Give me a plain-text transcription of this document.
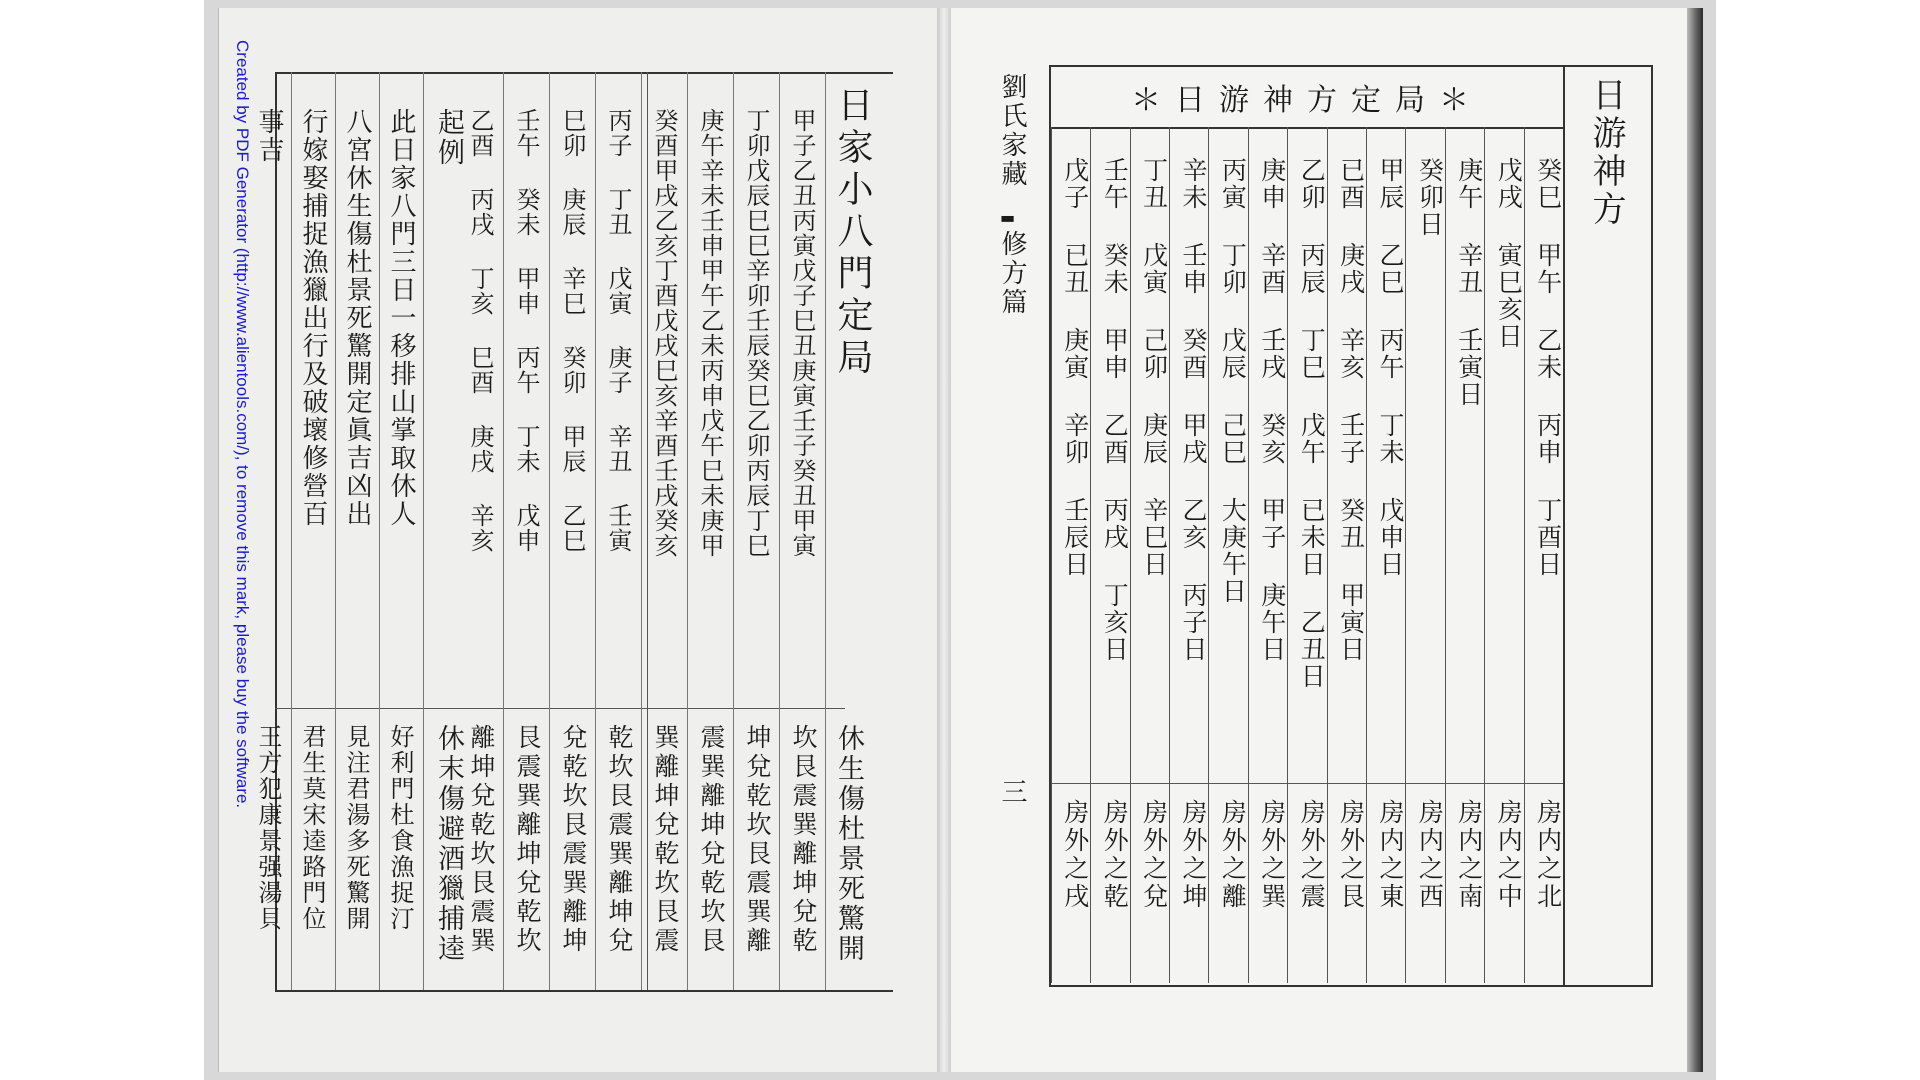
＊日游神方定局＊	日游神方
癸巳 甲午 乙未 丙申 丁酉日
房内之北
戊戌 寅巳亥日
房内之中
庚午 辛丑 壬寅日
房内之南
癸卯日
房内之西
甲辰 乙巳 丙午 丁未 戊申日
房内之東
已酉 庚戌 辛亥 壬子 癸丑 甲寅日
房外之艮
乙卯 丙辰 丁巳 戊午 已未日 乙丑日
房外之震
庚申 辛酉 壬戌 癸亥 甲子 庚午日
房外之巽
丙寅 丁卯 戊辰 己巳 大庚午日
房外之離
辛未 壬申 癸酉 甲戌 乙亥 丙子日
房外之坤
丁丑 戊寅 己卯 庚辰 辛巳日
房外之兌
壬午 癸未 甲申 乙酉 丙戌 丁亥日
房外之乾
戊子 已丑 庚寅 辛卯 壬辰日
房外之戌
劉氏家藏
▬
修方篇
三
日家小八門定局
休生傷杜景死驚開
甲子乙丑丙寅戊子巳丑庚寅壬子癸丑甲寅
坎艮震巽離坤兌乾
丁卯戊辰巳巳辛卯壬辰癸巳乙卯丙辰丁巳
坤兌乾坎艮震巽離
庚午辛未壬申甲午乙未丙申戊午巳未庚甲
震巽離坤兌乾坎艮
癸酉甲戌乙亥丁酉戊戌巳亥辛酉壬戌癸亥
巽離坤兌乾坎艮震
丙子 丁丑 戊寅 庚子 辛丑 壬寅
乾坎艮震巽離坤兌
巳卯 庚辰 辛巳 癸卯 甲辰 乙巳
兌乾坎艮震巽離坤
壬午 癸未 甲申 丙午 丁未 戊申
艮震巽離坤兌乾坎
乙酉 丙戌 丁亥 巳酉 庚戌 辛亥
離坤兌乾坎艮震巽
起例
休末傷避酒獵捕逵
此日家八門三日一移排山掌取休人
好利門杜食漁捉汀
八宮休生傷杜景死驚開定眞吉凶出
見注君湯多死驚開
行嫁娶捕捉漁獵出行及破壞修營百
君生莫宋逵路門位
事吉
王方犯康景强湯貝
Created by PDF Generator (http://www.alientools.com/), to remove this mark, please buy the software.
